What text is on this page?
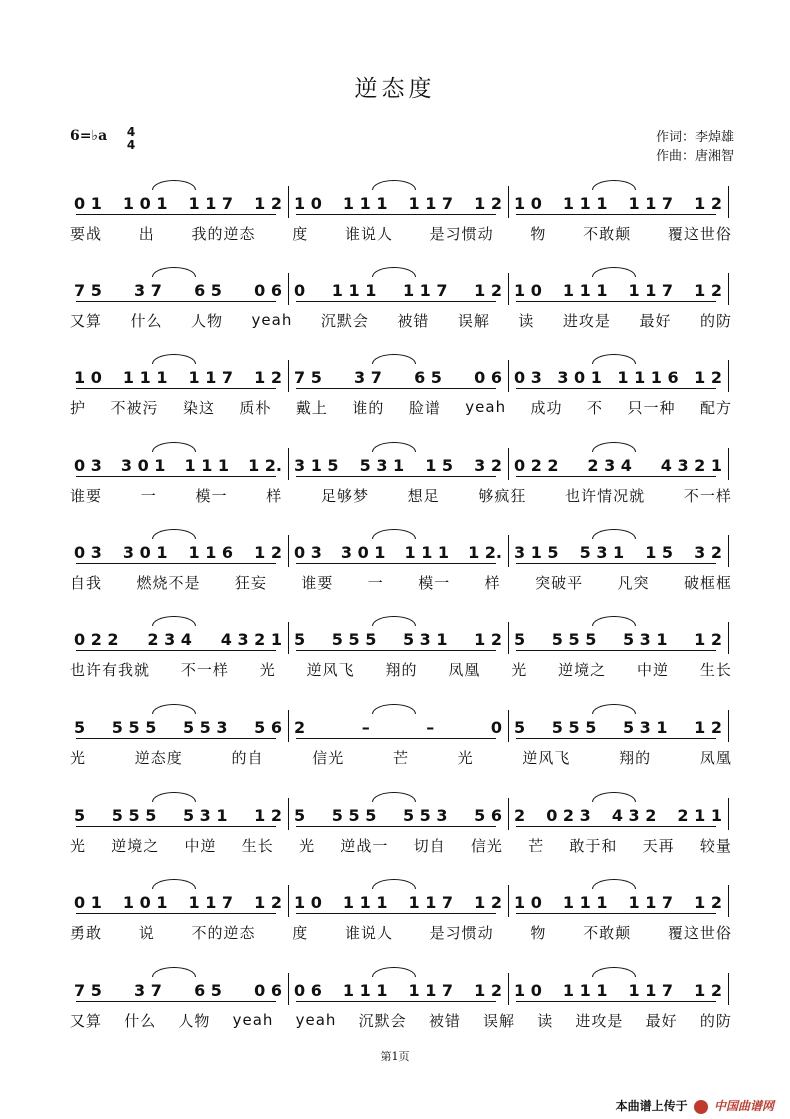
逆态度
6=♭a 4
4	作词：李焯雄
作曲：唐湘智
0 1 1 0 1 1 1 7 1 2 1 0 1 1 1 1 1 7 1 2 1 0 1 1 1 1 1 7 1 2
要战 出 我的逆态 度 谁说人 是习惯动 物 不敢颠 覆这世俗
7 5 3 7 6 5 0 6 0 1 1 1 1 1 7 1 2 1 0 1 1 1 1 1 7 1 2
又算 什么 人物 yeah 沉默会 被错 误解 读 进攻是 最好 的防
1 0 1 1 1 1 1 7 1 2 7 5 3 7 6 5 0 6 0 3 3 0 1 1 1 1 6 1 2
护 不被污 染这 质朴 戴上 谁的 脸谱 yeah 成功 不 只一种 配方
0 3 3 0 1 1 1 1 1 2. 3 1 5 5 3 1 1 5 3 2 0 2 2 2 3 4 4 3 2 1
谁要	一	模一	样	足够梦	想足	够疯狂	也许情况就	不一样
0 3 3 0 1 1 1 6 1 2 0 3 3 0 1 1 1 1 1 2. 3 1 5 5 3 1 1 5 3 2
自我 燃烧不是 狂妄 谁要 一 模一 样 突破平 凡突 破框框
0 2 2 2 3 4 4 3 2 1 5 5 5 5 5 3 1 1 2 5 5 5 5 5 3 1 1 2
也许有我就 不一样 光 逆风飞 翔的 凤凰 光 逆境之 中逆 生长
5 5 5 5 5 5 3 5 6 2	–	–	0 5 5 5 5 5 3 1 1 2
光	逆态度	的自	信光	芒	光	逆风飞	翔的	凤凰
5 5 5 5 5 3 1 1 2 5 5 5 5 5 5 3 5 6 2 0 2 3 4 3 2 2 1 1
光 逆境之 中逆 生长 光 逆战一 切自 信光 芒 敢于和 天再 较量
0 1 1 0 1 1 1 7 1 2 1 0 1 1 1 1 1 7 1 2 1 0 1 1 1 1 1 7 1 2
勇敢 说 不的逆态 度 谁说人 是习惯动 物 不敢颠 覆这世俗
7 5 3 7 6 5 0 6 0 6 1 1 1 1 1 7 1 2 1 0 1 1 1 1 1 7 1 2
又算 什么 人物 yeah yeah 沉默会 被错 误解 读 进攻是 最好 的防
第1页
本曲谱上传于 中国曲谱网
